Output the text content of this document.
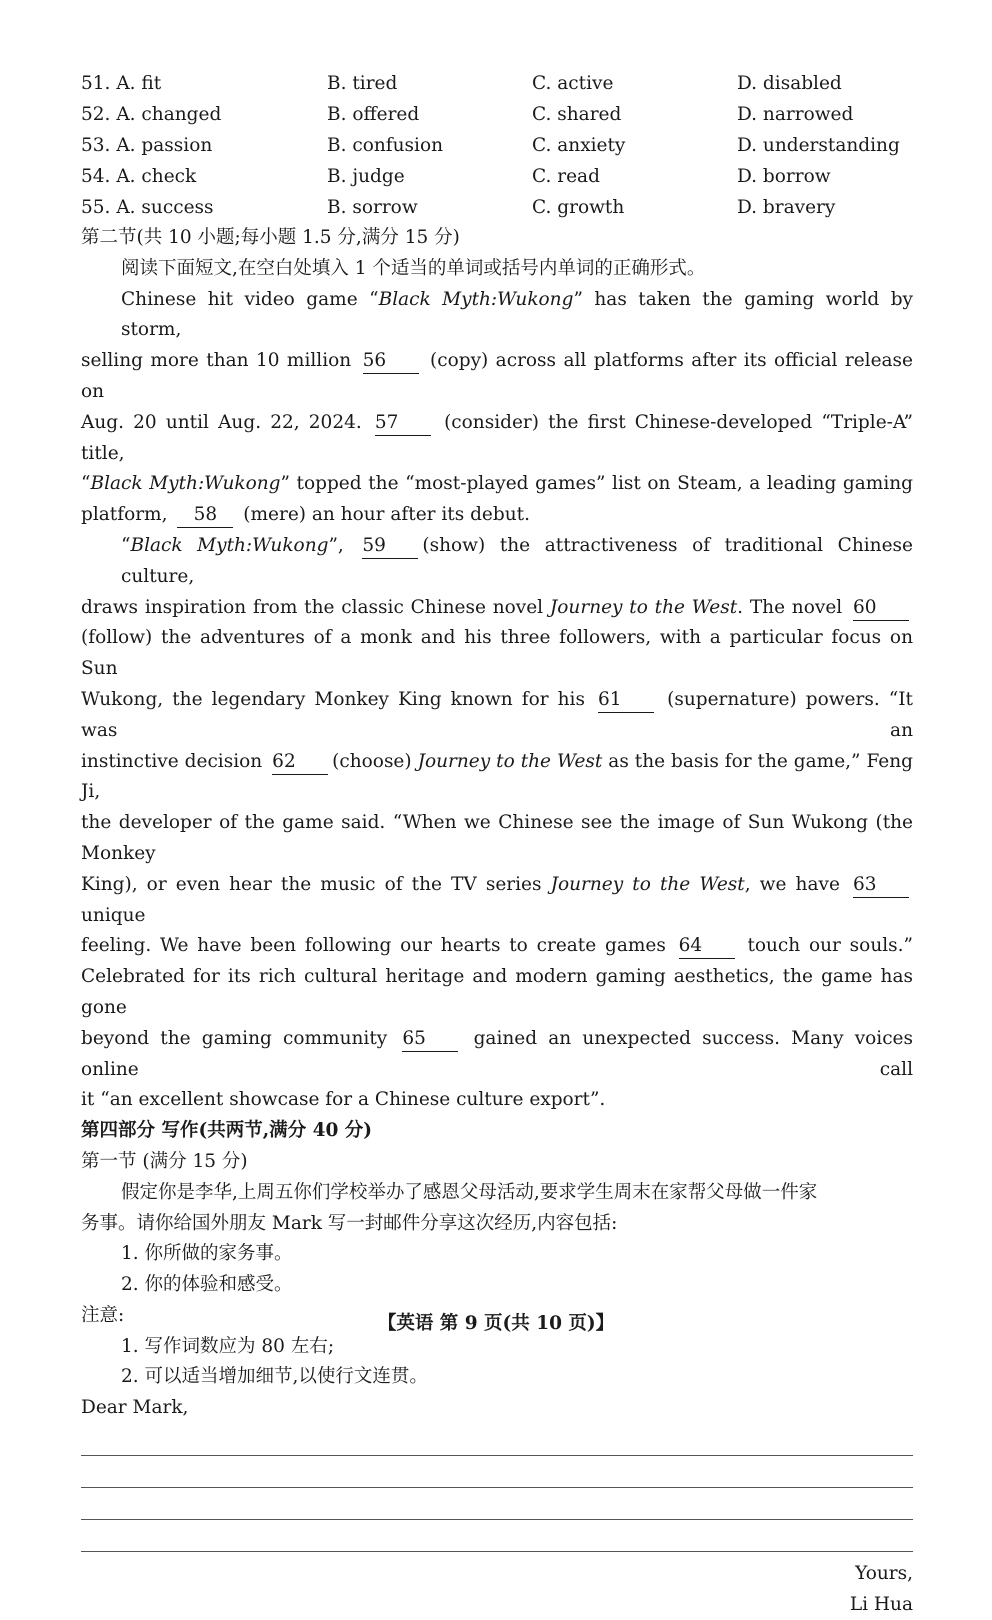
51. A. fit	B. tired	C. active	D. disabled
52. A. changed	B. offered	C. shared	D. narrowed
53. A. passion	B. confusion	C. anxiety	D. understanding
54. A. check	B. judge	C. read	D. borrow
55. A. success	B. sorrow	C. growth	D. bravery
第二节(共 10 小题;每小题 1.5 分,满分 15 分)
阅读下面短文,在空白处填入 1 个适当的单词或括号内单词的正确形式。
Chinese hit video game “Black Myth:Wukong” has taken the gaming world by storm,
selling more than 10 million 56 (copy) across all platforms after its official release on
Aug. 20 until Aug. 22, 2024. 57 (consider) the first Chinese-developed “Triple-A” title,
“Black Myth:Wukong” topped the “most-played games” list on Steam, a leading gaming
platform, 58 (mere) an hour after its debut.
“Black Myth:Wukong”, 59 (show) the attractiveness of traditional Chinese culture,
draws inspiration from the classic Chinese novel Journey to the West. The novel 60
(follow) the adventures of a monk and his three followers, with a particular focus on Sun
Wukong, the legendary Monkey King known for his 61 (supernature) powers. “It was an
instinctive decision 62 (choose) Journey to the West as the basis for the game,” Feng Ji,
the developer of the game said. “When we Chinese see the image of Sun Wukong (the Monkey
King), or even hear the music of the TV series Journey to the West, we have 63 unique
feeling. We have been following our hearts to create games 64 touch our souls.”
Celebrated for its rich cultural heritage and modern gaming aesthetics, the game has gone
beyond the gaming community 65	gained an unexpected success. Many voices online call
it “an excellent showcase for a Chinese culture export”.
第四部分 写作(共两节,满分 40 分)
第一节 (满分 15 分)
假定你是李华,上周五你们学校举办了感恩父母活动,要求学生周末在家帮父母做一件家
务事。请你给国外朋友 Mark 写一封邮件分享这次经历,内容包括:
1. 你所做的家务事。
2. 你的体验和感受。
注意:
1. 写作词数应为 80 左右;
2. 可以适当增加细节,以使行文连贯。
Dear Mark,
Yours,
Li Hua
【英语 第 9 页(共 10 页)】
